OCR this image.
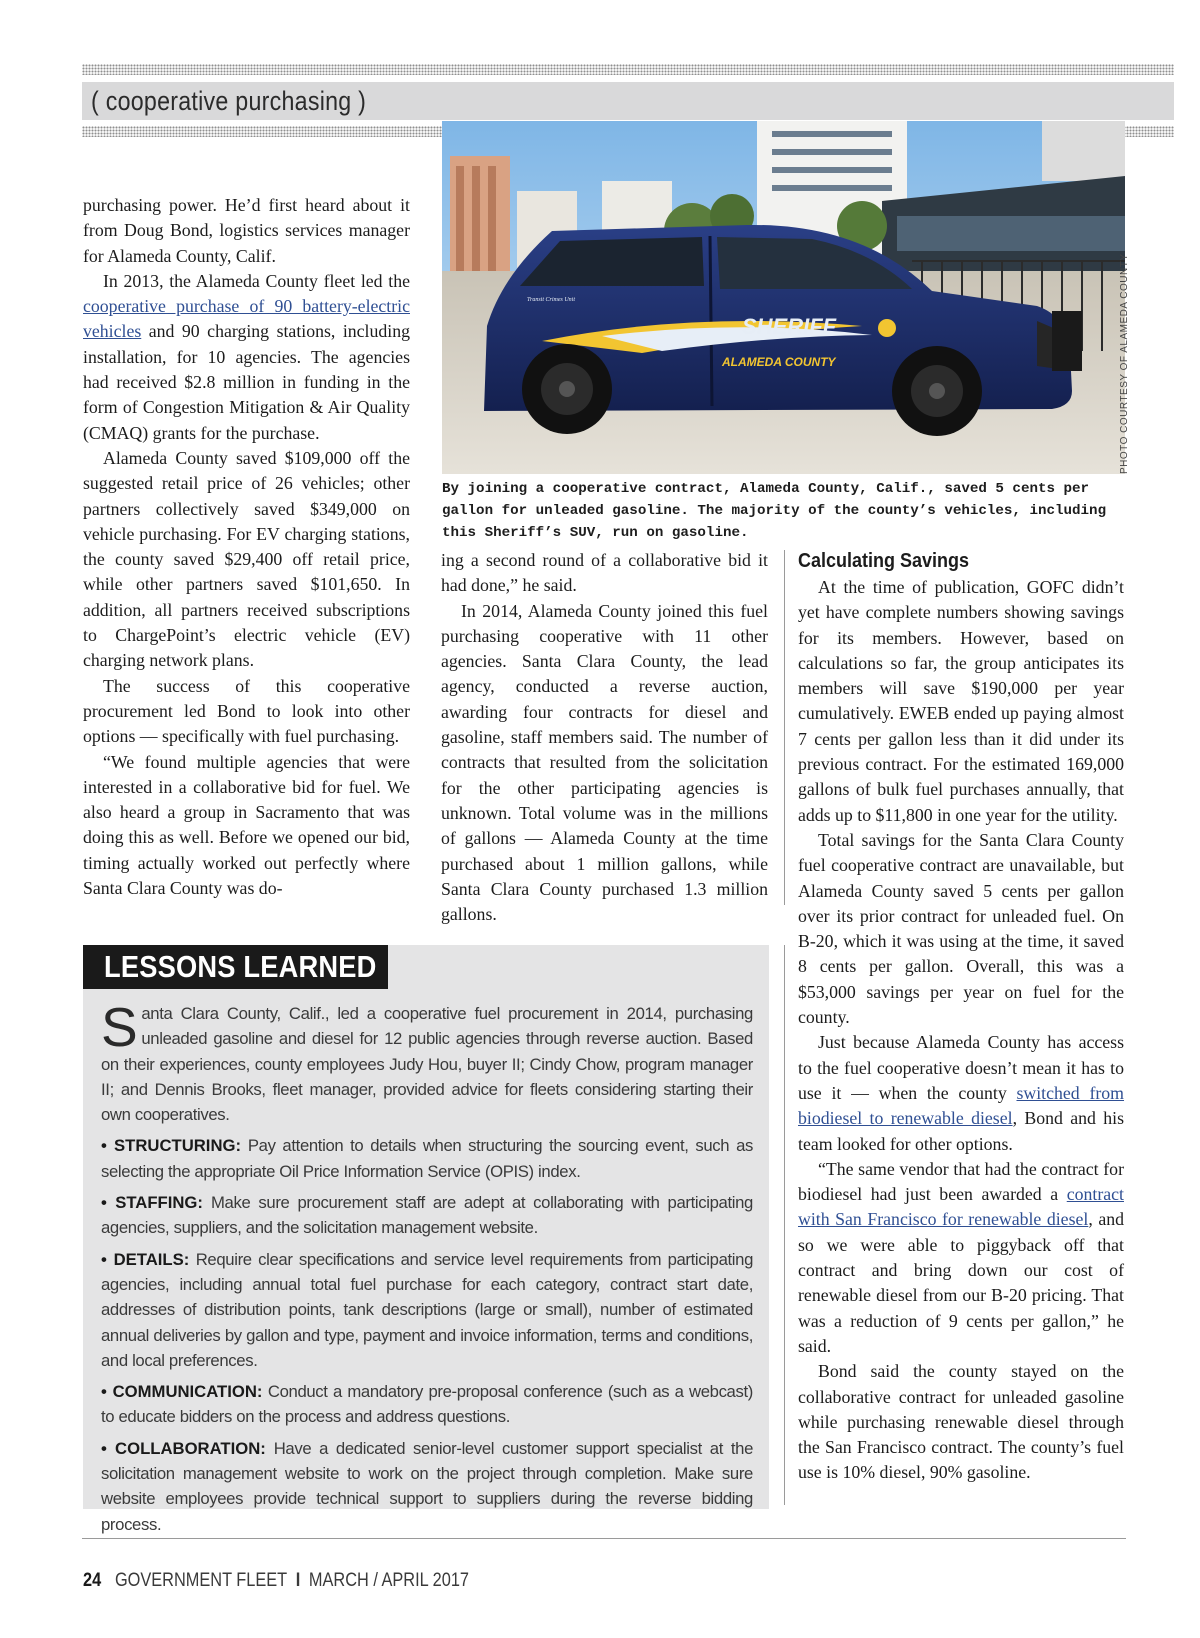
( cooperative purchasing )

purchasing power. He’d first heard about it from Doug Bond, logistics services manager for Alameda County, Calif.

In 2013, the Alameda County fleet led the cooperative purchase of 90 battery-electric vehicles and 90 charging stations, including installation, for 10 agencies. The agencies had received $2.8 million in funding in the form of Congestion Mitigation & Air Quality (CMAQ) grants for the purchase.

Alameda County saved $109,000 off the suggested retail price of 26 vehicles; other partners collectively saved $349,000 on vehicle purchasing. For EV charging stations, the county saved $29,400 off retail price, while other partners saved $101,650. In addition, all partners received subscriptions to ChargePoint’s electric vehicle (EV) charging network plans.

The success of this cooperative procurement led Bond to look into other options — specifically with fuel purchasing.

“We found multiple agencies that were interested in a collaborative bid for fuel. We also heard a group in Sacramento that was doing this as well. Before we opened our bid, timing actually worked out perfectly where Santa Clara County was do-

SHERIFF
ALAMEDA COUNTY
Transit Crimes Unit	PHOTO COURTESY OF ALAMEDA COUNTY
By joining a cooperative contract, Alameda County, Calif., saved 5 cents per gallon for unleaded gasoline. The majority of the county’s vehicles, including this Sheriff’s SUV, run on gasoline.

ing a second round of a collaborative bid it had done,” he said.

In 2014, Alameda County joined this fuel purchasing cooperative with 11 other agencies. Santa Clara County, the lead agency, conducted a reverse auction, awarding four contracts for diesel and gasoline, staff members said. The number of contracts that resulted from the solicitation for the other participating agencies is unknown. Total volume was in the millions of gallons — Alameda County at the time purchased about 1 million gallons, while Santa Clara County purchased 1.3 million gallons.

Calculating Savings

At the time of publication, GOFC didn’t yet have complete numbers showing savings for its members. However, based on calculations so far, the group anticipates its members will save $190,000 per year cumulatively. EWEB ended up paying almost 7 cents per gallon less than it did under its previous contract. For the estimated 169,000 gallons of bulk fuel purchases annually, that adds up to $11,800 in one year for the utility.

Total savings for the Santa Clara County fuel cooperative contract are unavailable, but Alameda County saved 5 cents per gallon over its prior contract for unleaded fuel. On B-20, which it was using at the time, it saved 8 cents per gallon. Overall, this was a $53,000 savings per year on fuel for the county.

Just because Alameda County has access to the fuel cooperative doesn’t mean it has to use it — when the county switched from biodiesel to renewable diesel, Bond and his team looked for other options.

“The same vendor that had the contract for biodiesel had just been awarded a contract with San Francisco for renewable diesel, and so we were able to piggyback off that contract and bring down our cost of renewable diesel from our B-20 pricing. That was a reduction of 9 cents per gallon,” he said.

Bond said the county stayed on the collaborative contract for unleaded gasoline while purchasing renewable diesel through the San Francisco contract. The county’s fuel use is 10% diesel, 90% gasoline.

LESSONS LEARNED
Santa Clara County, Calif., led a cooperative fuel procurement in 2014, purchasing unleaded gasoline and diesel for 12 public agencies through reverse auction. Based on their experiences, county employees Judy Hou, buyer II; Cindy Chow, program manager II; and Dennis Brooks, fleet manager, provided advice for fleets considering starting their own cooperatives.
• STRUCTURING: Pay attention to details when structuring the sourcing event, such as selecting the appropriate Oil Price Information Service (OPIS) index.
• STAFFING: Make sure procurement staff are adept at collaborating with participating agencies, suppliers, and the solicitation management website.
• DETAILS: Require clear specifications and service level requirements from participating agencies, including annual total fuel purchase for each category, contract start date, addresses of distribution points, tank descriptions (large or small), number of estimated annual deliveries by gallon and type, payment and invoice information, terms and conditions, and local preferences.
• COMMUNICATION: Conduct a mandatory pre-proposal conference (such as a webcast) to educate bidders on the process and address questions.
• COLLABORATION: Have a dedicated senior-level customer support specialist at the solicitation management website to work on the project through completion. Make sure website employees provide technical support to suppliers during the reverse bidding process.
24 GOVERNMENT FLEET I MARCH / APRIL 2017
